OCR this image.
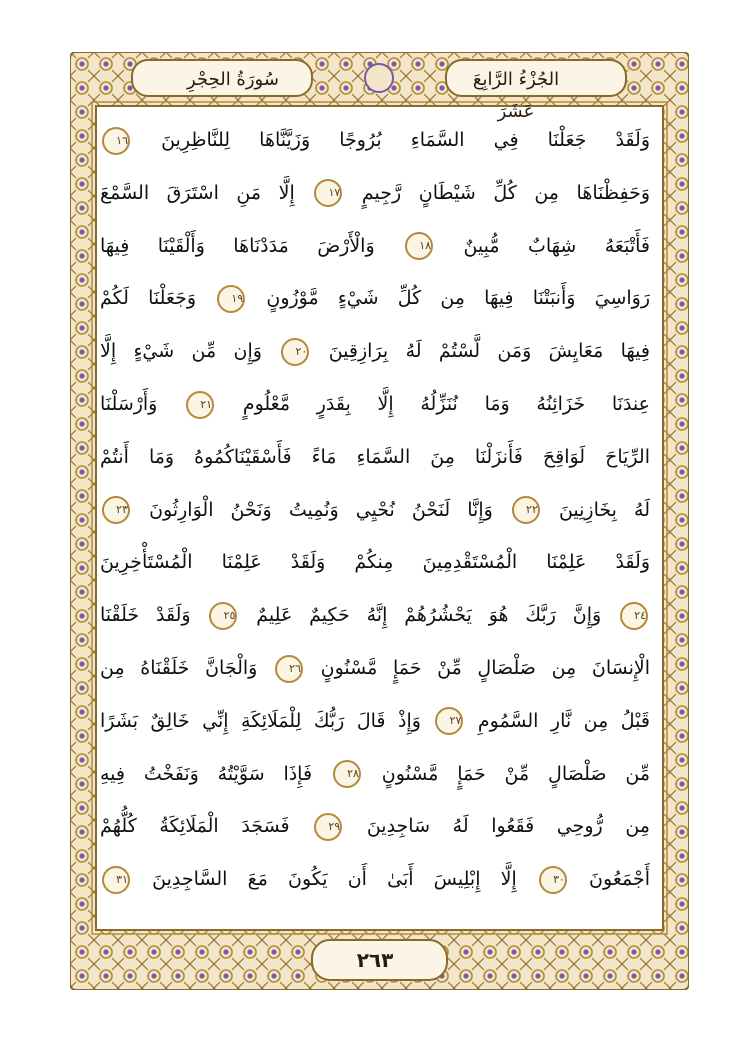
الجُزْءُ الرَّابِعَ عَشَرَ
سُورَةُ الحِجْرِ
وَلَقَدْ جَعَلْنَا فِي السَّمَاءِ بُرُوجًا وَزَيَّنَّاهَا لِلنَّاظِرِينَ ١٦
وَحَفِظْنَاهَا مِن كُلِّ شَيْطَانٍ رَّجِيمٍ ١٧ إِلَّا مَنِ اسْتَرَقَ السَّمْعَ
فَأَتْبَعَهُ شِهَابٌ مُّبِينٌ ١٨ وَالْأَرْضَ مَدَدْنَاهَا وَأَلْقَيْنَا فِيهَا
رَوَاسِيَ وَأَنبَتْنَا فِيهَا مِن كُلِّ شَيْءٍ مَّوْزُونٍ ١٩ وَجَعَلْنَا لَكُمْ
فِيهَا مَعَايِشَ وَمَن لَّسْتُمْ لَهُ بِرَازِقِينَ ٢٠ وَإِن مِّن شَيْءٍ إِلَّا
عِندَنَا خَزَائِنُهُ وَمَا نُنَزِّلُهُ إِلَّا بِقَدَرٍ مَّعْلُومٍ ٢١ وَأَرْسَلْنَا
الرِّيَاحَ لَوَاقِحَ فَأَنزَلْنَا مِنَ السَّمَاءِ مَاءً فَأَسْقَيْنَاكُمُوهُ وَمَا أَنتُمْ
لَهُ بِخَازِنِينَ ٢٢ وَإِنَّا لَنَحْنُ نُحْيِي وَنُمِيتُ وَنَحْنُ الْوَارِثُونَ ٢٣
وَلَقَدْ عَلِمْنَا الْمُسْتَقْدِمِينَ مِنكُمْ وَلَقَدْ عَلِمْنَا الْمُسْتَأْخِرِينَ
٢٤ وَإِنَّ رَبَّكَ هُوَ يَحْشُرُهُمْ إِنَّهُ حَكِيمٌ عَلِيمٌ ٢٥ وَلَقَدْ خَلَقْنَا
الْإِنسَانَ مِن صَلْصَالٍ مِّنْ حَمَإٍ مَّسْنُونٍ ٢٦ وَالْجَانَّ خَلَقْنَاهُ مِن
قَبْلُ مِن نَّارِ السَّمُومِ ٢٧ وَإِذْ قَالَ رَبُّكَ لِلْمَلَائِكَةِ إِنِّي خَالِقٌ بَشَرًا
مِّن صَلْصَالٍ مِّنْ حَمَإٍ مَّسْنُونٍ ٢٨ فَإِذَا سَوَّيْتُهُ وَنَفَخْتُ فِيهِ
مِن رُّوحِي فَقَعُوا لَهُ سَاجِدِينَ ٢٩ فَسَجَدَ الْمَلَائِكَةُ كُلُّهُمْ
أَجْمَعُونَ ٣٠ إِلَّا إِبْلِيسَ أَبَىٰ أَن يَكُونَ مَعَ السَّاجِدِينَ ٣١
٢٦٣
